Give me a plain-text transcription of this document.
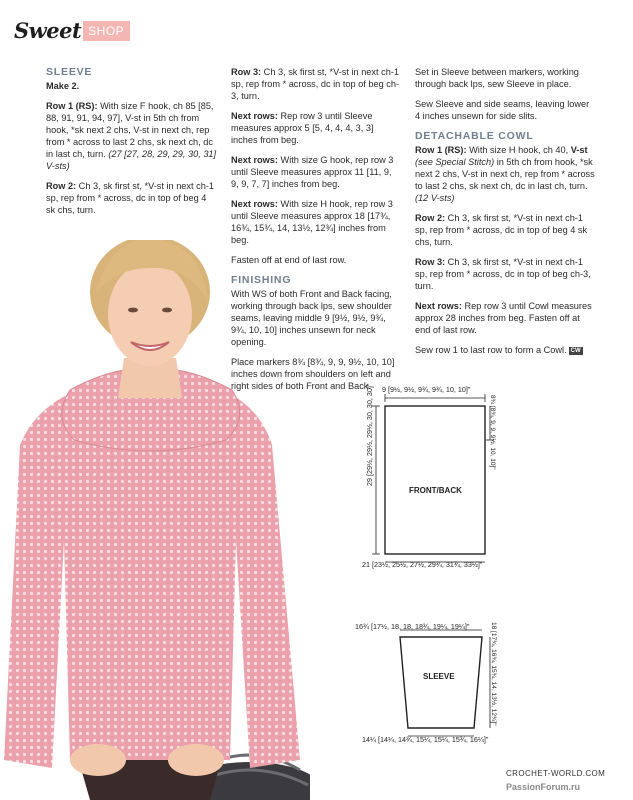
Sweet SHOP
SLEEVE

Make 2.

Row 1 (RS): With size F hook, ch 85 [85, 88, 91, 91, 94, 97], V-st in 5th ch from hook, *sk next 2 chs, V-st in next ch, rep from * across to last 2 chs, sk next ch, dc in last ch, turn. (27 [27, 28, 29, 29, 30, 31] V-sts)

Row 2: Ch 3, sk first st, *V-st in next ch-1 sp, rep from * across, dc in top of beg 4 sk chs, turn.

Row 3: Ch 3, sk first st, *V-st in next ch-1 sp, rep from * across, dc in top of beg ch-3, turn.

Next rows: Rep row 3 until Sleeve measures approx 5 [5, 4, 4, 4, 3, 3] inches from beg.

Next rows: With size G hook, rep row 3 until Sleeve measures approx 11 [11, 9, 9, 9, 7, 7] inches from beg.

Next rows: With size H hook, rep row 3 until Sleeve measures approx 18 [17¾, 16¾, 15¾, 14, 13½, 12¾] inches from beg.

Fasten off at end of last row.

FINISHING

With WS of both Front and Back facing, working through back lps, sew shoulder seams, leaving middle 9 [9½, 9½, 9¾, 9¾, 10, 10] inches unsewn for neck opening.

Place markers 8¾ [8¾, 9, 9, 9½, 10, 10] inches down from shoulders on left and right sides of both Front and Back.

Set in Sleeve between markers, working through back lps, sew Sleeve in place.

Sew Sleeve and side seams, leaving lower 4 inches unsewn for side slits.

DETACHABLE COWL

Row 1 (RS): With size H hook, ch 40, V-st (see Special Stitch) in 5th ch from hook, *sk next 2 chs, V-st in next ch, rep from * across to last 2 chs, sk next ch, dc in last ch, turn. (12 V-sts)

Row 2: Ch 3, sk first st, *V-st in next ch-1 sp, rep from * across, dc in top of beg 4 sk chs, turn.

Row 3: Ch 3, sk first st, *V-st in next ch-1 sp, rep from * across, dc in top of beg ch-3, turn.

Next rows: Rep row 3 until Cowl measures approx 28 inches from beg. Fasten off at end of last row.

Sew row 1 to last row to form a Cowl. CW

9 [9½, 9½, 9¾, 9¾, 10, 10]"
29 [29½, 29½, 29½, 30, 30, 30]"	8¾ [8¾, 9, 9, 9½, 10, 10]"
FRONT/BACK
21 [23½, 25½, 27½, 29¾, 31¾, 33½]"
16¾ [17½, 18, 18, 18¾, 19¼, 19¼]"	18 [17¾, 16¾, 15¾, 14, 13½, 12¾]"
SLEEVE
14¼ [14¼, 14¾, 15¼, 15¼, 15¾, 16¼]"
CROCHET-WORLD.COM
PassionForum.ru
